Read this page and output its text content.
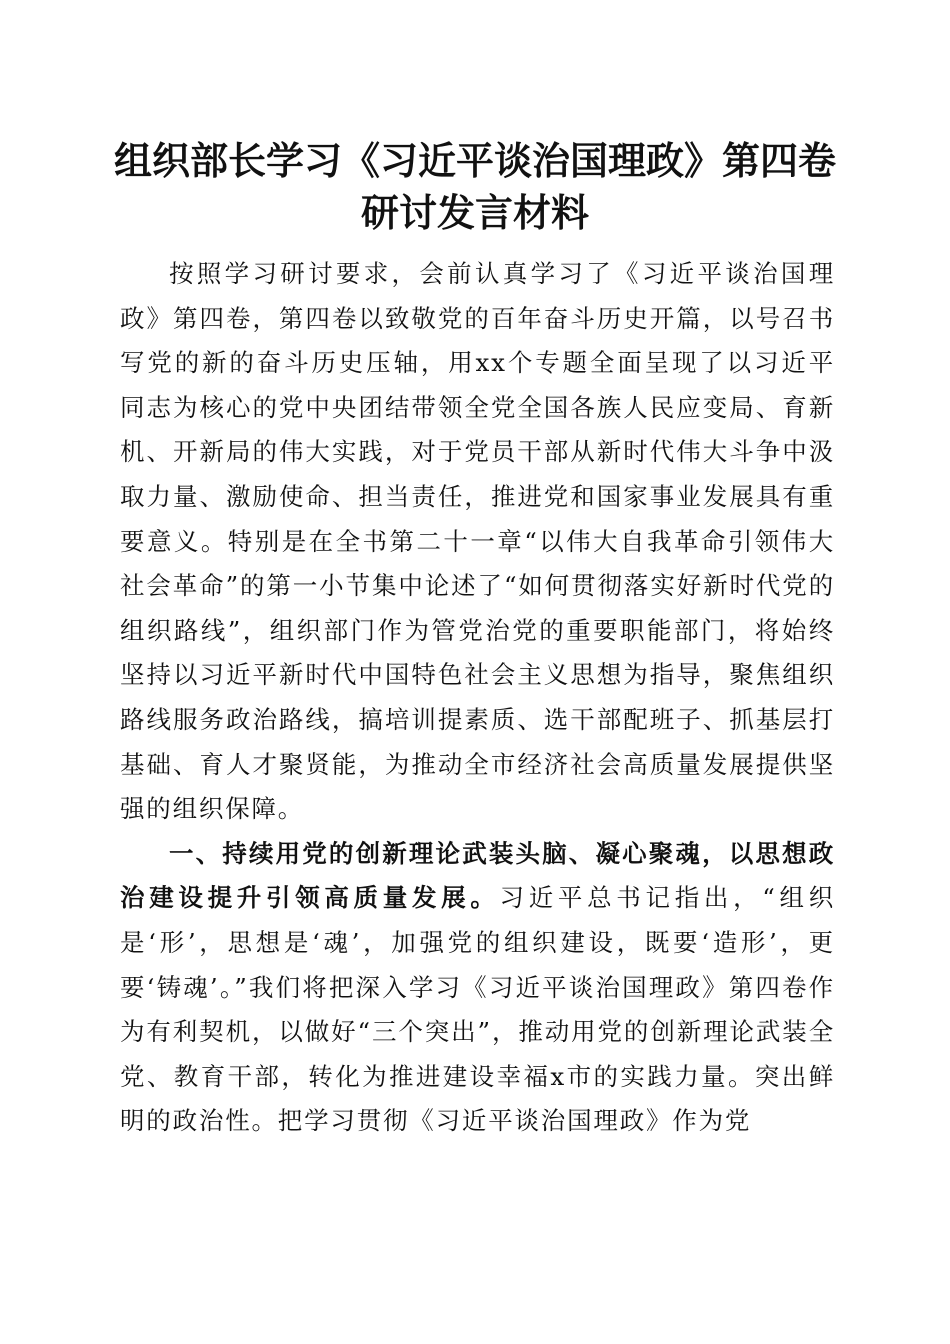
组织部长学习《习近平谈治国理政》第四卷研讨发言材料

按照学习研讨要求，会前认真学习了《习近平谈治国理政》第四卷，第四卷以致敬党的百年奋斗历史开篇，以号召书写党的新的奋斗历史压轴，用xx个专题全面呈现了以习近平同志为核心的党中央团结带领全党全国各族人民应变局、育新机、开新局的伟大实践，对于党员干部从新时代伟大斗争中汲取力量、激励使命、担当责任，推进党和国家事业发展具有重要意义。特别是在全书第二十一章“以伟大自我革命引领伟大社会革命”的第一小节集中论述了“如何贯彻落实好新时代党的组织路线”，组织部门作为管党治党的重要职能部门，将始终坚持以习近平新时代中国特色社会主义思想为指导，聚焦组织路线服务政治路线，搞培训提素质、选干部配班子、抓基层打基础、育人才聚贤能，为推动全市经济社会高质量发展提供坚强的组织保障。

一、持续用党的创新理论武装头脑、凝心聚魂，以思想政治建设提升引领高质量发展。习近平总书记指出，“组织是‘形’，思想是‘魂’，加强党的组织建设，既要‘造形’，更要‘铸魂’。”我们将把深入学习《习近平谈治国理政》第四卷作为有利契机，以做好“三个突出”，推动用党的创新理论武装全党、教育干部，转化为推进建设幸福x市的实践力量。突出鲜明的政治性。把学习贯彻《习近平谈治国理政》作为党
